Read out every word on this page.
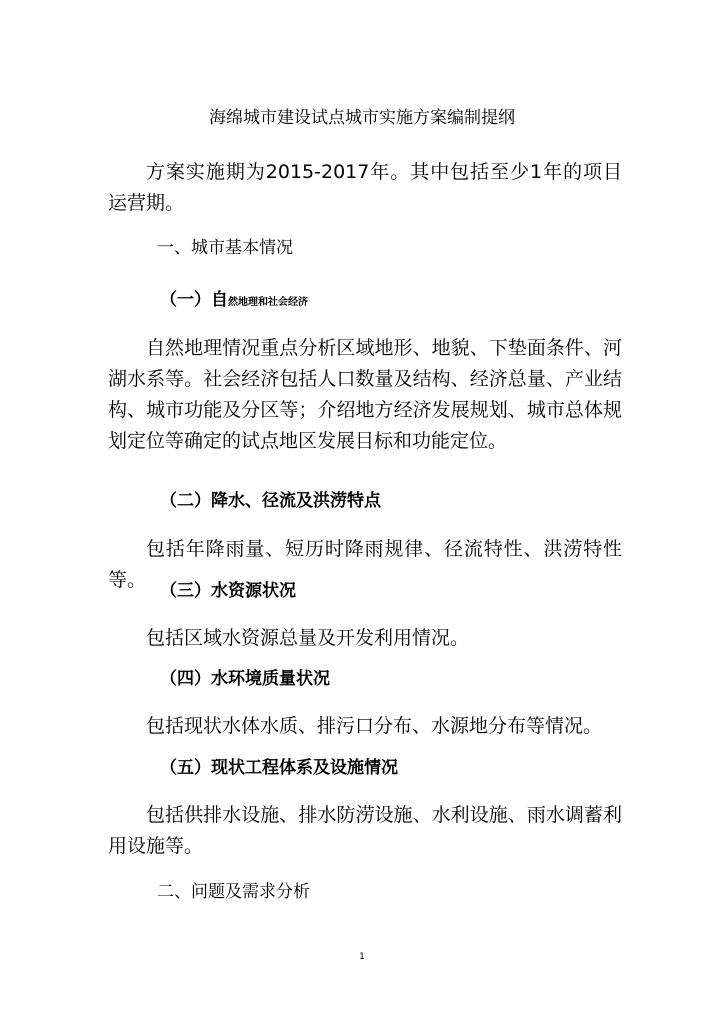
海绵城市建设试点城市实施方案编制提纲

方案实施期为2015-2017年。其中包括至少1年的项目运营期。

一、城市基本情况
（一）自然地理和社会经济

自然地理情况重点分析区域地形、地貌、下垫面条件、河湖水系等。社会经济包括人口数量及结构、经济总量、产业结构、城市功能及分区等；介绍地方经济发展规划、城市总体规划定位等确定的试点地区发展目标和功能定位。

（二）降水、径流及洪涝特点

包括年降雨量、短历时降雨规律、径流特性、洪涝特性等。 （三）水资源状况

包括区域水资源总量及开发利用情况。

（四）水环境质量状况

包括现状水体水质、排污口分布、水源地分布等情况。

（五）现状工程体系及设施情况

包括供排水设施、排水防涝设施、水利设施、雨水调蓄利用设施等。

二、问题及需求分析
1
